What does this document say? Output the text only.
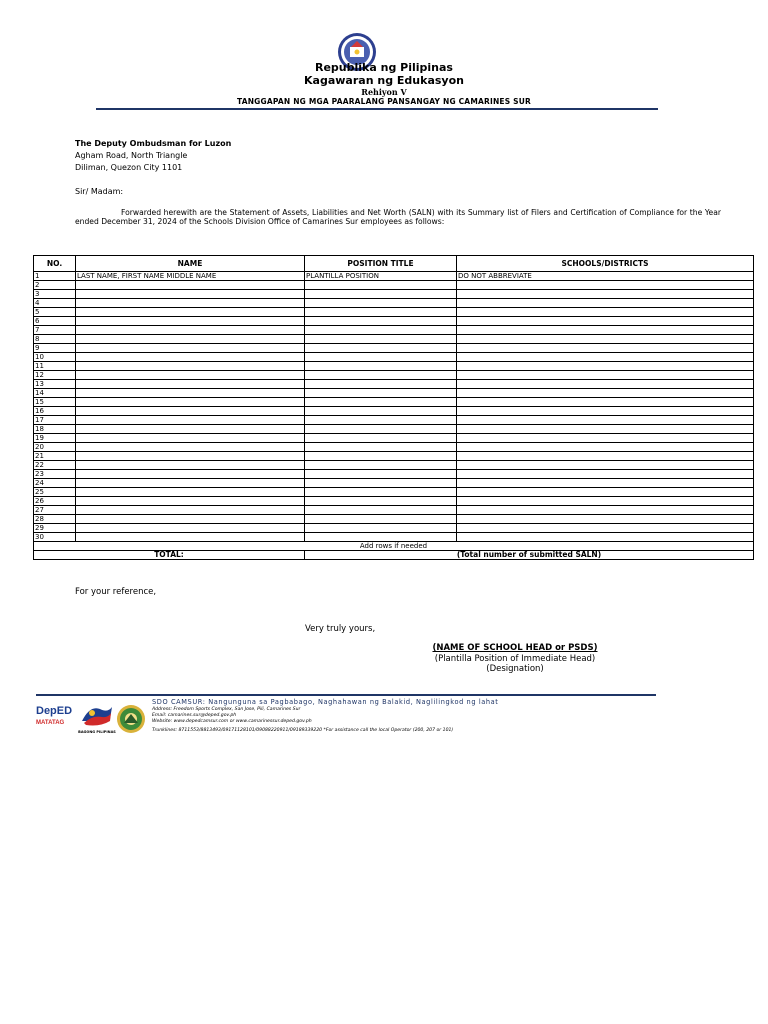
Republika ng Pilipinas
Kagawaran ng Edukasyon
Rehiyon V
TANGGAPAN NG MGA PAARALANG PANSANGAY NG CAMARINES SUR
The Deputy Ombudsman for Luzon
Agham Road, North Triangle
Diliman, Quezon City 1101
Sir/ Madam:
Forwarded herewith are the Statement of Assets, Liabilities and Net Worth (SALN) with its Summary list of Filers and Certification of Compliance for the Year ended December 31, 2024 of the Schools Division Office of Camarines Sur employees as follows:
NO.	NAME	POSITION TITLE	SCHOOLS/DISTRICTS
1	LAST NAME, FIRST NAME MIDDLE NAME	PLANTILLA POSITION	DO NOT ABBREVIATE
2			
3			
4			
5			
6			
7			
8			
9			
10			
11			
12			
13			
14			
15			
16			
17			
18			
19			
20			
21			
22			
23			
24			
25			
26			
27			
28			
29			
30			
Add rows if needed			
TOTAL:		(Total number of submitted SALN)	
For your reference,
Very truly yours,
(NAME OF SCHOOL HEAD or PSDS)
(Plantilla Position of Immediate Head)
(Designation)
DepED
MATATAG
BAGONG PILIPINAS
SDO CAMSUR: Nangunguna sa Pagbabago, Naghahawan ng Balakid, Naglilingkod ng lahat
Address: Freedom Sports Complex, San Jose, Pili, Camarines Sur
Email: camarines.sur@deped.gov.ph
Website: www.depedcamsur.com or www.camarinessur.deped.gov.ph
Trunklines: 8711553/8813493/09171128101/09088220911/09189339220 *For assistance call the local Operator (200, 207 or 101)
